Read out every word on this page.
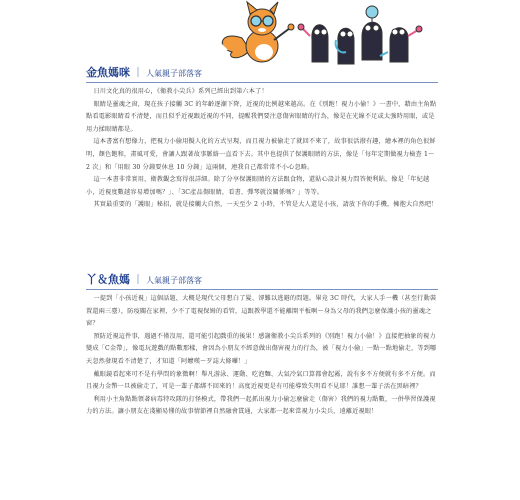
金魚媽咪 ｜ 人氣親子部落客

日川文化真的很用心，《衛教小尖兵》系列已經出到第六本了！

眼睛是靈魂之窗，現在孩子接觸 3C 的年齡逐漸下降，近視的比例越來越高。在《別跑！視力小偷！》一書中，藉由主角點點看電影眼睛看不清楚，而且似乎近視跟近視的不同，提醒我們要注意傷害眼睛的行為，像是在光線不足或太強時用眼，或是用力揉眼睛都是。

這本書富有想像力，把視力小偷用擬人化的方式呈現，而且視力被偷走了就回不來了，故事很活潑有趣，繪本裡的角色很鮮明，顏色飽和，畫風可愛，會讓人跟著故事脈絡一直看下去。其中也提供了保護眼睛的方法，像是「每年定期做視力檢查 1～2 次」和「用眼 30 分鐘要休息 10 分鐘」這兩個，連我自己都常常不小心忽略。

這一本書非常實用，衛教觀念寫得很詳細。除了分享保護眼睛的方法跟食物，還貼心設計視力問答便利貼，像是「年紀越小，近視度數越容易增加嗎？」、「3C產品傷眼睛，看書、彈琴就沒關係嗎？」等等。

其實最重要的「護眼」秘招，就是接觸大自然，一天至少 2 小時，不管是大人還是小孩，請放下你的手機，擁抱大自然吧！

丫＆魚媽 ｜ 人氣親子部落客

一提到「小孩近視」這個話題，大概是現代父母想白了髮、卻難以逃避的問題。畢竟 3C 時代，大家人手一機（甚至行動裝置還兩三臺），防疫關在家裡，少不了電視保姆的看管，這跟教學還不能離開平板啊～身為父母的我們怎麼保護小孩的靈魂之窗？

預防近視這件事，遇過不僅沒用，還可能引起戲重的後果！感謝衛教小尖兵系列的《別跑！視力小偷！》直接把抽象的視力變成「C金帶」，像電玩遊戲的點數那樣，會因為小朋友不經意做出傷害視力的行為，被「視力小偷」一點一點地偷走，等到哪天忽然發現看不清楚了，才知道「阿嬤嘆～歹誌大條囉！」

戴眼鏡看起來可不是有學問的象徵啊！舉凡游泳、運動、吃泡麵、大氣冷氣口算都會起霧，說有多不方便就有多不方便。而且視力金幣一旦被偷走了，可是一輩子都綁不回來的！高度近視更是有可能導致失明看不見耶！誰想一輩子活在黑暗裡？

利用小主角點點領著病毒特攻隊的打怪模式，帶我們一起抓出視力小偷怎麼偷走（傷害）我們的視力點數，一併學習保護視力的方法。讓小朋友在淺顯易懂的故事情節裡自然融會貫通，大家都一起來當視力小尖兵，遠離近視眼！
